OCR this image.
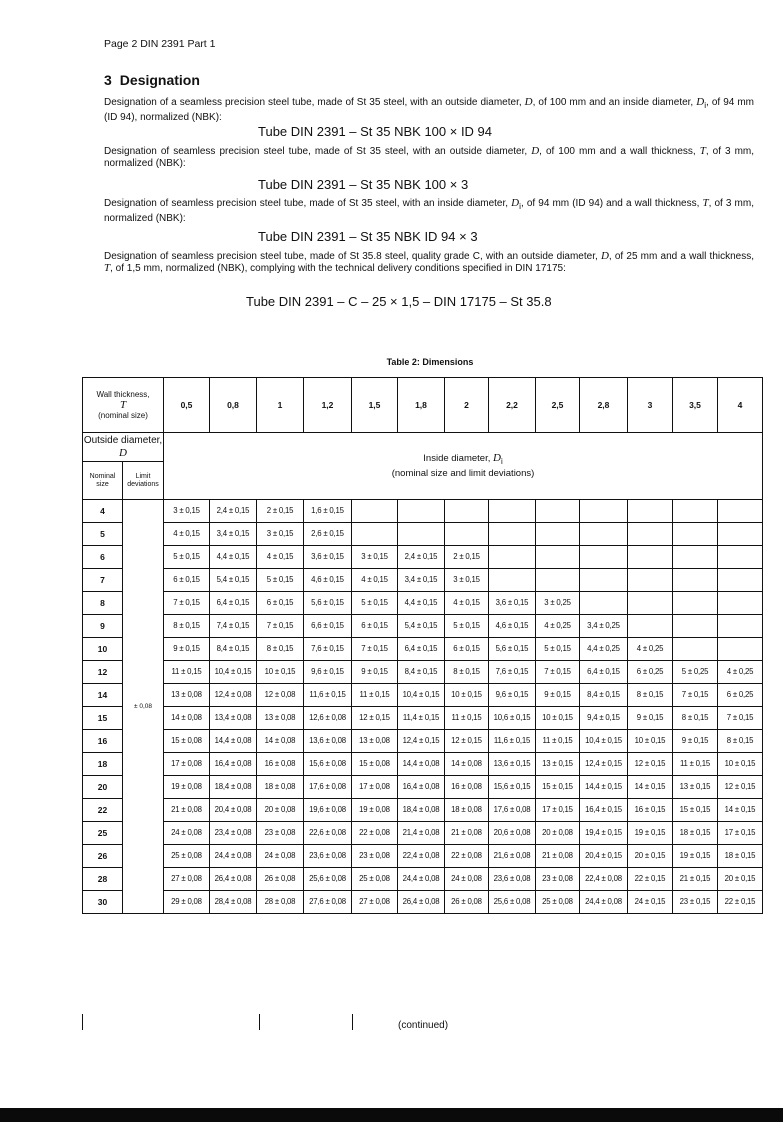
Page 2 DIN 2391 Part 1
3 Designation
Designation of a seamless precision steel tube, made of St 35 steel, with an outside diameter, D, of 100 mm and an inside diameter, $D_i$, of 94 mm (ID 94), normalized (NBK):
Tube DIN 2391 – St 35 NBK 100 × ID 94
Designation of seamless precision steel tube, made of St 35 steel, with an outside diameter, D, of 100 mm and a wall thickness, T, of 3 mm, normalized (NBK):
Tube DIN 2391 – St 35 NBK 100 × 3
Designation of seamless precision steel tube, made of St 35 steel, with an inside diameter, $D_i$, of 94 mm (ID 94) and a wall thickness, T, of 3 mm, normalized (NBK):
Tube DIN 2391 – St 35 NBK ID 94 × 3
Designation of seamless precision steel tube, made of St 35.8 steel, quality grade C, with an outside diameter, D, of 25 mm and a wall thickness, T, of 1,5 mm, normalized (NBK), complying with the technical delivery conditions specified in DIN 17175:
Tube DIN 2391 – C – 25 × 1,5 – DIN 17175 – St 35.8
Table 2: Dimensions
Wall thickness,
T
(nominal size)		0,5	0,8	1	1,2	1,5	1,8	2	2,2	2,5	2,8	3	3,5	4
Outside diameter, D		Inside diameter, $D_i$
(nominal size and limit deviations)												
Nominal size	Limit deviations													
4	± 0,08	3 ± 0,15	2,4 ± 0,15	2 ± 0,15	1,6 ± 0,15									
5		4 ± 0,15	3,4 ± 0,15	3 ± 0,15	2,6 ± 0,15									
6		5 ± 0,15	4,4 ± 0,15	4 ± 0,15	3,6 ± 0,15	3 ± 0,15	2,4 ± 0,15	2 ± 0,15						
7		6 ± 0,15	5,4 ± 0,15	5 ± 0,15	4,6 ± 0,15	4 ± 0,15	3,4 ± 0,15	3 ± 0,15						
8		7 ± 0,15	6,4 ± 0,15	6 ± 0,15	5,6 ± 0,15	5 ± 0,15	4,4 ± 0,15	4 ± 0,15	3,6 ± 0,15	3 ± 0,25				
9		8 ± 0,15	7,4 ± 0,15	7 ± 0,15	6,6 ± 0,15	6 ± 0,15	5,4 ± 0,15	5 ± 0,15	4,6 ± 0,15	4 ± 0,25	3,4 ± 0,25			
10		9 ± 0,15	8,4 ± 0,15	8 ± 0,15	7,6 ± 0,15	7 ± 0,15	6,4 ± 0,15	6 ± 0,15	5,6 ± 0,15	5 ± 0,15	4,4 ± 0,25	4 ± 0,25		
12		11 ± 0,15	10,4 ± 0,15	10 ± 0,15	9,6 ± 0,15	9 ± 0,15	8,4 ± 0,15	8 ± 0,15	7,6 ± 0,15	7 ± 0,15	6,4 ± 0,15	6 ± 0,25	5 ± 0,25	4 ± 0,25
14		13 ± 0,08	12,4 ± 0,08	12 ± 0,08	11,6 ± 0,15	11 ± 0,15	10,4 ± 0,15	10 ± 0,15	9,6 ± 0,15	9 ± 0,15	8,4 ± 0,15	8 ± 0,15	7 ± 0,15	6 ± 0,25
15		14 ± 0,08	13,4 ± 0,08	13 ± 0,08	12,6 ± 0,08	12 ± 0,15	11,4 ± 0,15	11 ± 0,15	10,6 ± 0,15	10 ± 0,15	9,4 ± 0,15	9 ± 0,15	8 ± 0,15	7 ± 0,15
16		15 ± 0,08	14,4 ± 0,08	14 ± 0,08	13,6 ± 0,08	13 ± 0,08	12,4 ± 0,15	12 ± 0,15	11,6 ± 0,15	11 ± 0,15	10,4 ± 0,15	10 ± 0,15	9 ± 0,15	8 ± 0,15
18		17 ± 0,08	16,4 ± 0,08	16 ± 0,08	15,6 ± 0,08	15 ± 0,08	14,4 ± 0,08	14 ± 0,08	13,6 ± 0,15	13 ± 0,15	12,4 ± 0,15	12 ± 0,15	11 ± 0,15	10 ± 0,15
20		19 ± 0,08	18,4 ± 0,08	18 ± 0,08	17,6 ± 0,08	17 ± 0,08	16,4 ± 0,08	16 ± 0,08	15,6 ± 0,15	15 ± 0,15	14,4 ± 0,15	14 ± 0,15	13 ± 0,15	12 ± 0,15
22		21 ± 0,08	20,4 ± 0,08	20 ± 0,08	19,6 ± 0,08	19 ± 0,08	18,4 ± 0,08	18 ± 0,08	17,6 ± 0,08	17 ± 0,15	16,4 ± 0,15	16 ± 0,15	15 ± 0,15	14 ± 0,15
25		24 ± 0,08	23,4 ± 0,08	23 ± 0,08	22,6 ± 0,08	22 ± 0,08	21,4 ± 0,08	21 ± 0,08	20,6 ± 0,08	20 ± 0,08	19,4 ± 0,15	19 ± 0,15	18 ± 0,15	17 ± 0,15
26		25 ± 0,08	24,4 ± 0,08	24 ± 0,08	23,6 ± 0,08	23 ± 0,08	22,4 ± 0,08	22 ± 0,08	21,6 ± 0,08	21 ± 0,08	20,4 ± 0,15	20 ± 0,15	19 ± 0,15	18 ± 0,15
28		27 ± 0,08	26,4 ± 0,08	26 ± 0,08	25,6 ± 0,08	25 ± 0,08	24,4 ± 0,08	24 ± 0,08	23,6 ± 0,08	23 ± 0,08	22,4 ± 0,08	22 ± 0,15	21 ± 0,15	20 ± 0,15
30		29 ± 0,08	28,4 ± 0,08	28 ± 0,08	27,6 ± 0,08	27 ± 0,08	26,4 ± 0,08	26 ± 0,08	25,6 ± 0,08	25 ± 0,08	24,4 ± 0,08	24 ± 0,15	23 ± 0,15	22 ± 0,15
(continued)
